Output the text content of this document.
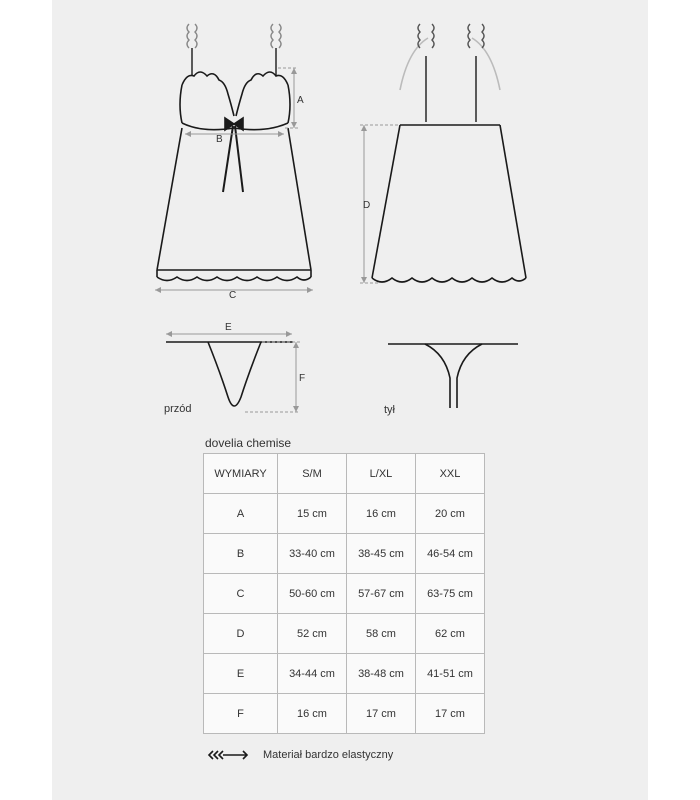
A
B
C
D
E
F
przód	tył
dovelia chemise
WYMIARY	S/M	L/XL	XXL
A	15 cm	16 cm	20 cm
B	33-40 cm	38-45 cm	46-54 cm
C	50-60 cm	57-67 cm	63-75 cm
D	52 cm	58 cm	62 cm
E	34-44 cm	38-48 cm	41-51 cm
F	16 cm	17 cm	17 cm
Materiał bardzo elastyczny
